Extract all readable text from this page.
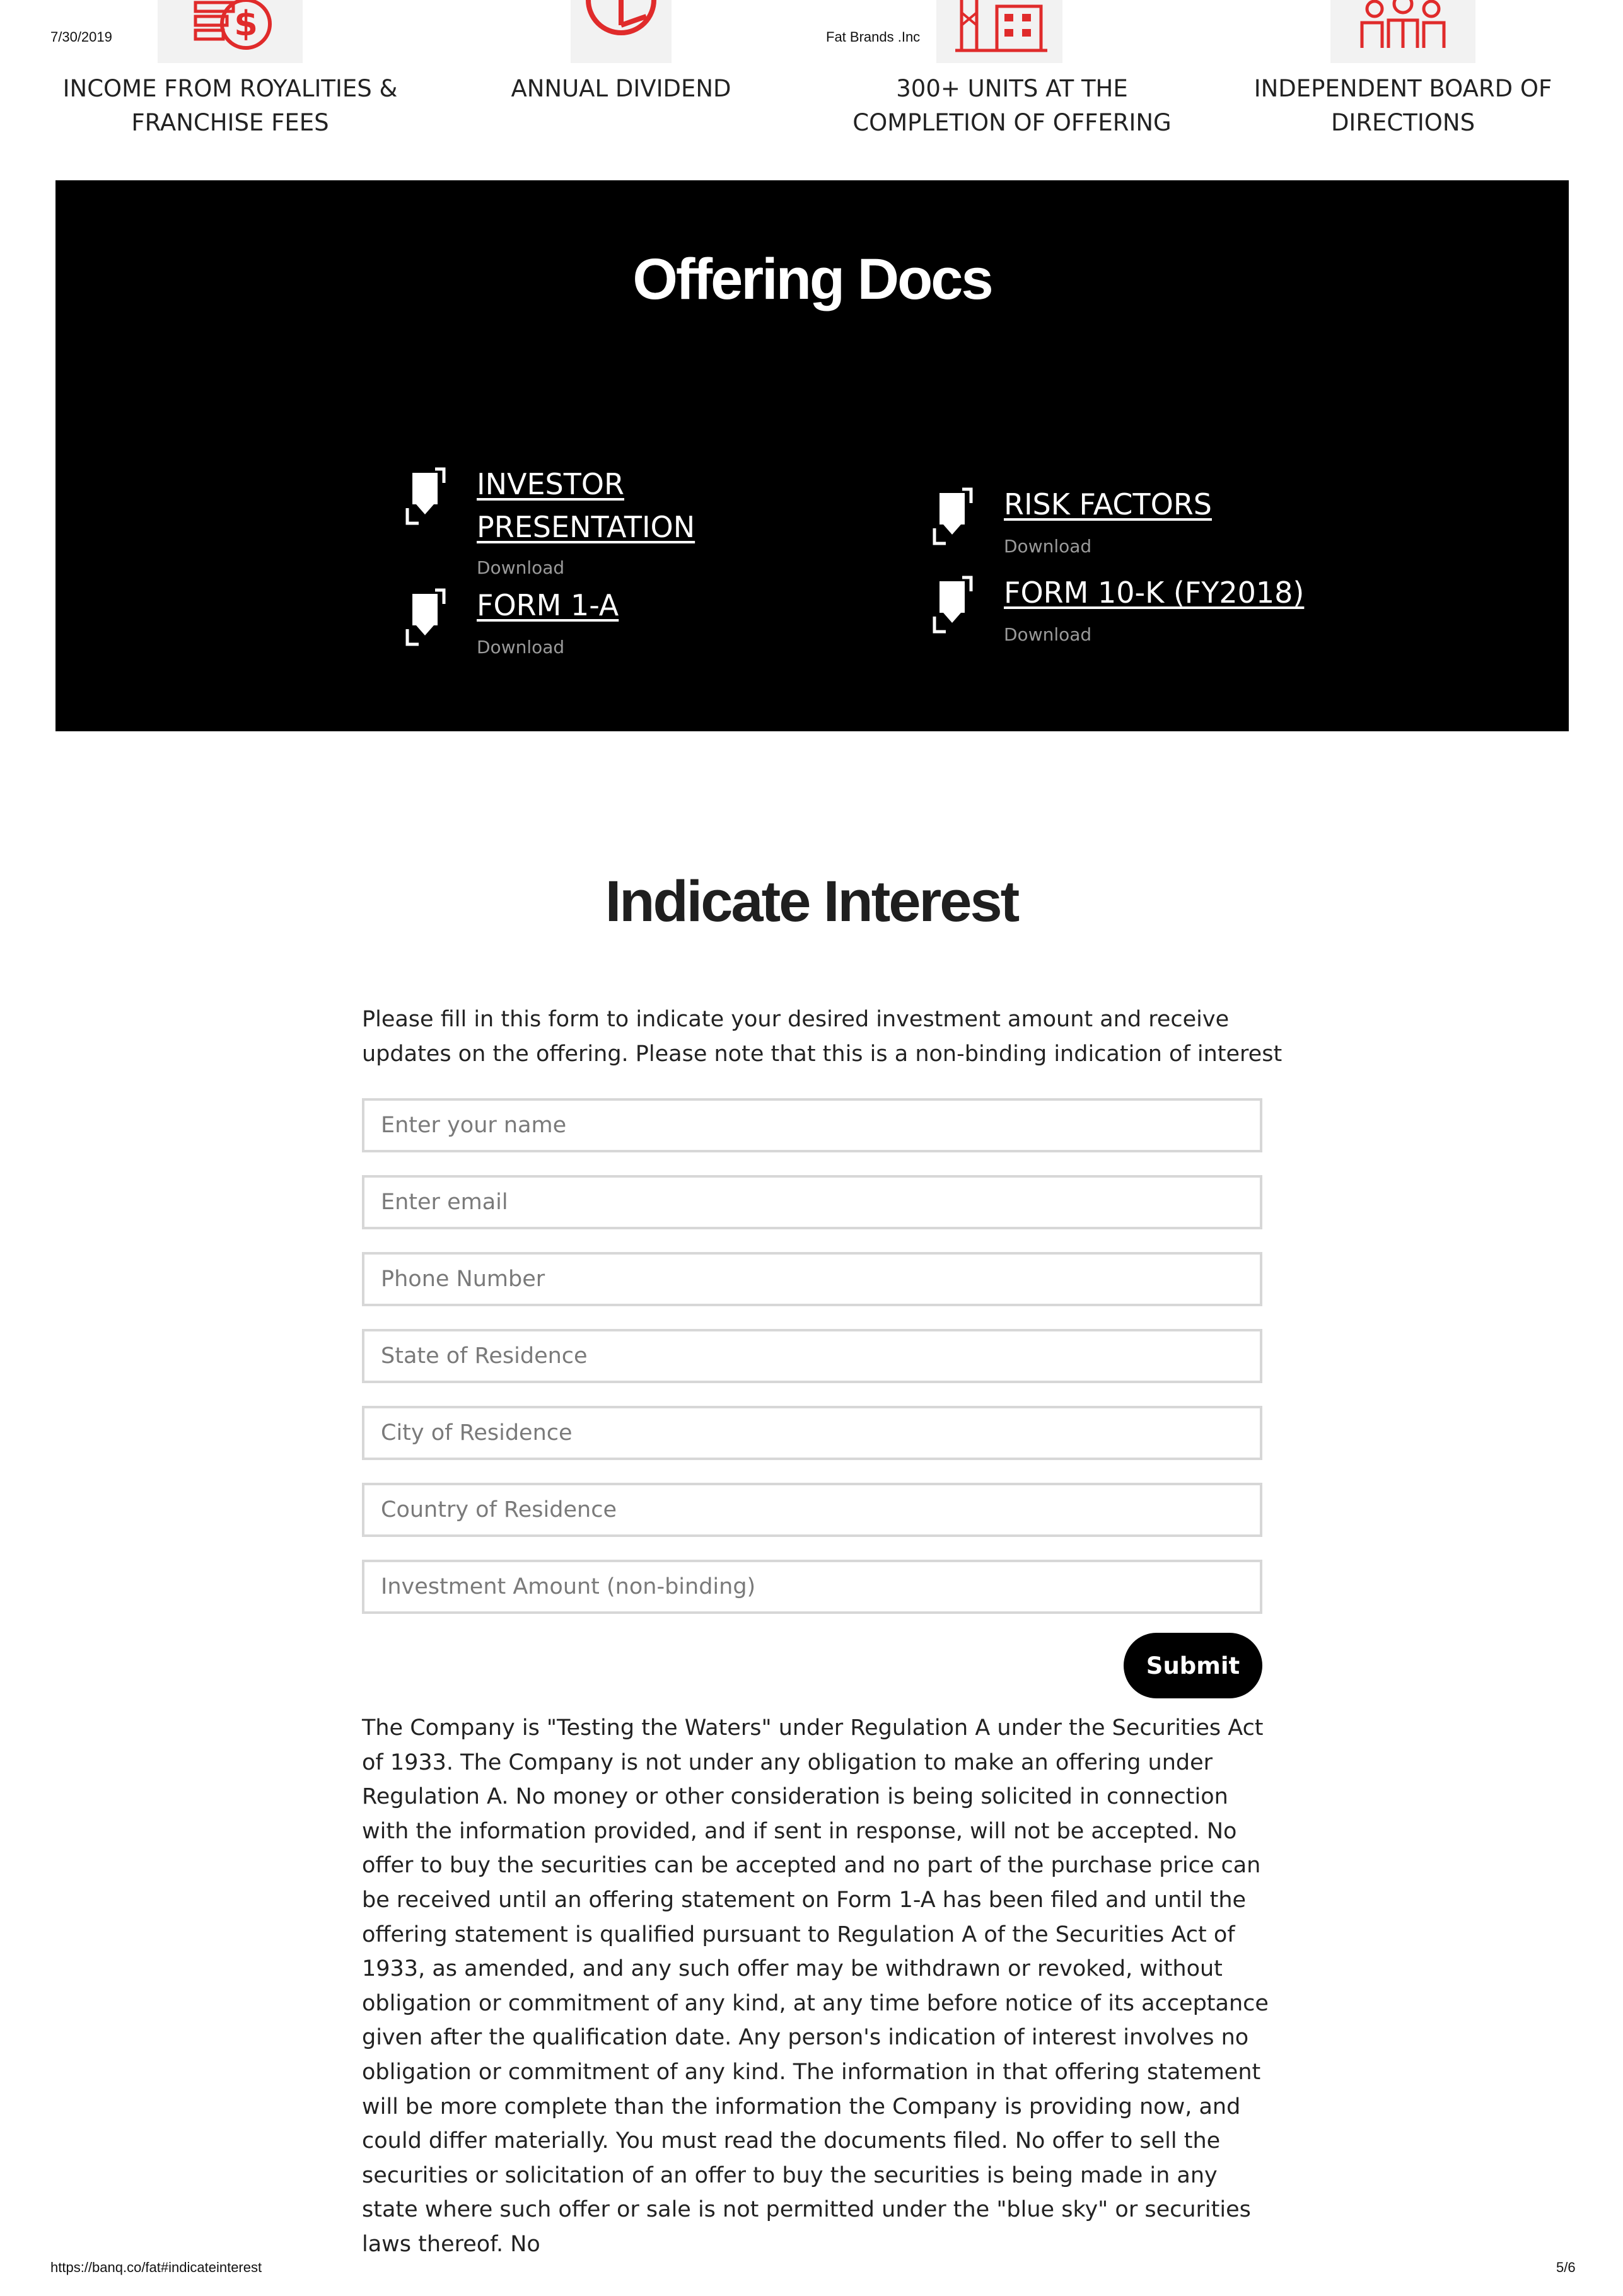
7/30/2019	Fat Brands .Inc
https://banq.co/fat#indicateinterest	5/6
$
INCOME FROM ROYALITIES & FRANCHISE FEES
ANNUAL DIVIDEND	300+ UNITS AT THE COMPLETION OF OFFERING
INDEPENDENT BOARD OF DIRECTIONS
Offering Docs
INVESTOR PRESENTATION
Download
FORM 1-A
Download
RISK FACTORS
Download
FORM 10-K (FY2018)
Download
Indicate Interest
Please fill in this form to indicate your desired investment amount and receive updates on the offering. Please note that this is a non-binding indication of interest
Enter your name
Enter email
Phone Number
State of Residence
City of Residence
Country of Residence
Investment Amount (non-binding)
Submit
The Company is "Testing the Waters" under Regulation A under the Securities Act of 1933. The Company is not under any obligation to make an offering under Regulation A. No money or other consideration is being solicited in connection with the information provided, and if sent in response, will not be accepted. No offer to buy the securities can be accepted and no part of the purchase price can be received until an offering statement on Form 1-A has been filed and until the offering statement is qualified pursuant to Regulation A of the Securities Act of 1933, as amended, and any such offer may be withdrawn or revoked, without obligation or commitment of any kind, at any time before notice of its acceptance given after the qualification date. Any person's indication of interest involves no obligation or commitment of any kind. The information in that offering statement will be more complete than the information the Company is providing now, and could differ materially. You must read the documents filed. No offer to sell the securities or solicitation of an offer to buy the securities is being made in any state where such offer or sale is not permitted under the "blue sky" or securities laws thereof. No
